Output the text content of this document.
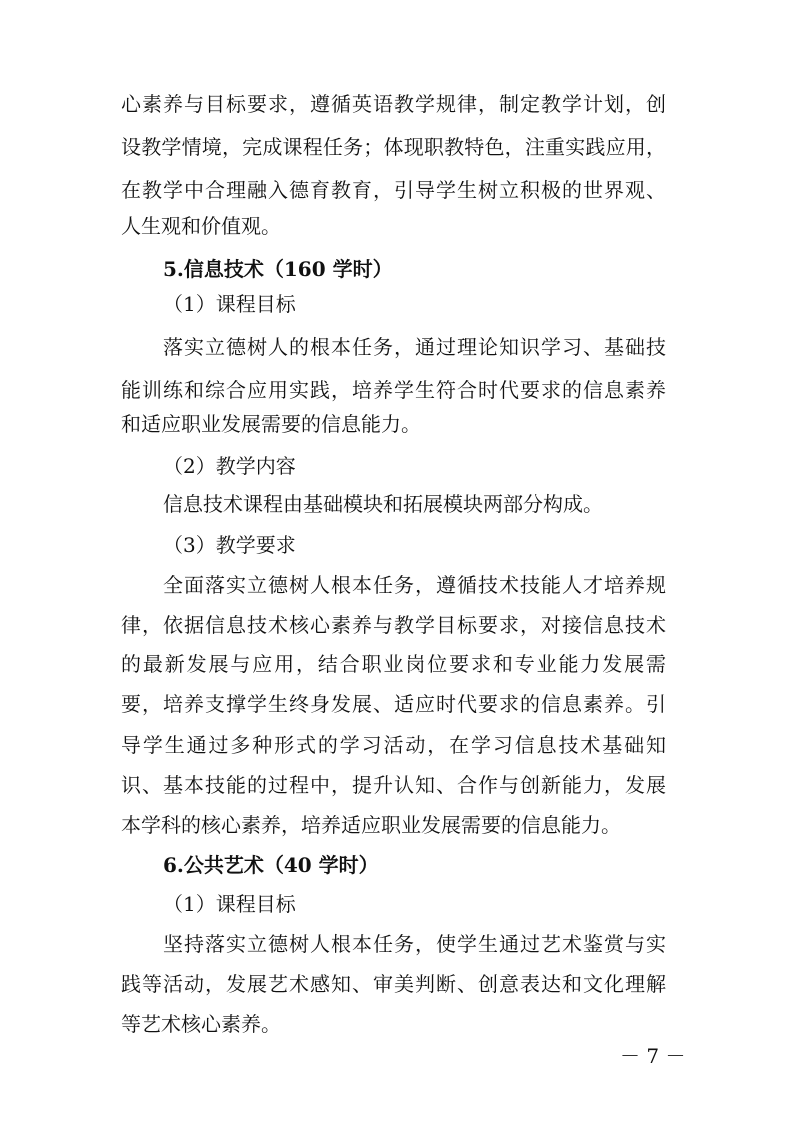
心素养与目标要求，遵循英语教学规律，制定教学计划，创
设教学情境，完成课程任务；体现职教特色，注重实践应用，
在教学中合理融入德育教育，引导学生树立积极的世界观、
人生观和价值观。
5.信息技术（160 学时）
（1）课程目标
落实立德树人的根本任务，通过理论知识学习、基础技
能训练和综合应用实践，培养学生符合时代要求的信息素养
和适应职业发展需要的信息能力。
（2）教学内容
信息技术课程由基础模块和拓展模块两部分构成。
（3）教学要求
全面落实立德树人根本任务，遵循技术技能人才培养规
律，依据信息技术核心素养与教学目标要求，对接信息技术
的最新发展与应用，结合职业岗位要求和专业能力发展需
要，培养支撑学生终身发展、适应时代要求的信息素养。引
导学生通过多种形式的学习活动，在学习信息技术基础知
识、基本技能的过程中，提升认知、合作与创新能力，发展
本学科的核心素养，培养适应职业发展需要的信息能力。
6.公共艺术（40 学时）
（1）课程目标
坚持落实立德树人根本任务，使学生通过艺术鉴赏与实
践等活动，发展艺术感知、审美判断、创意表达和文化理解
等艺术核心素养。
－ 7 －
